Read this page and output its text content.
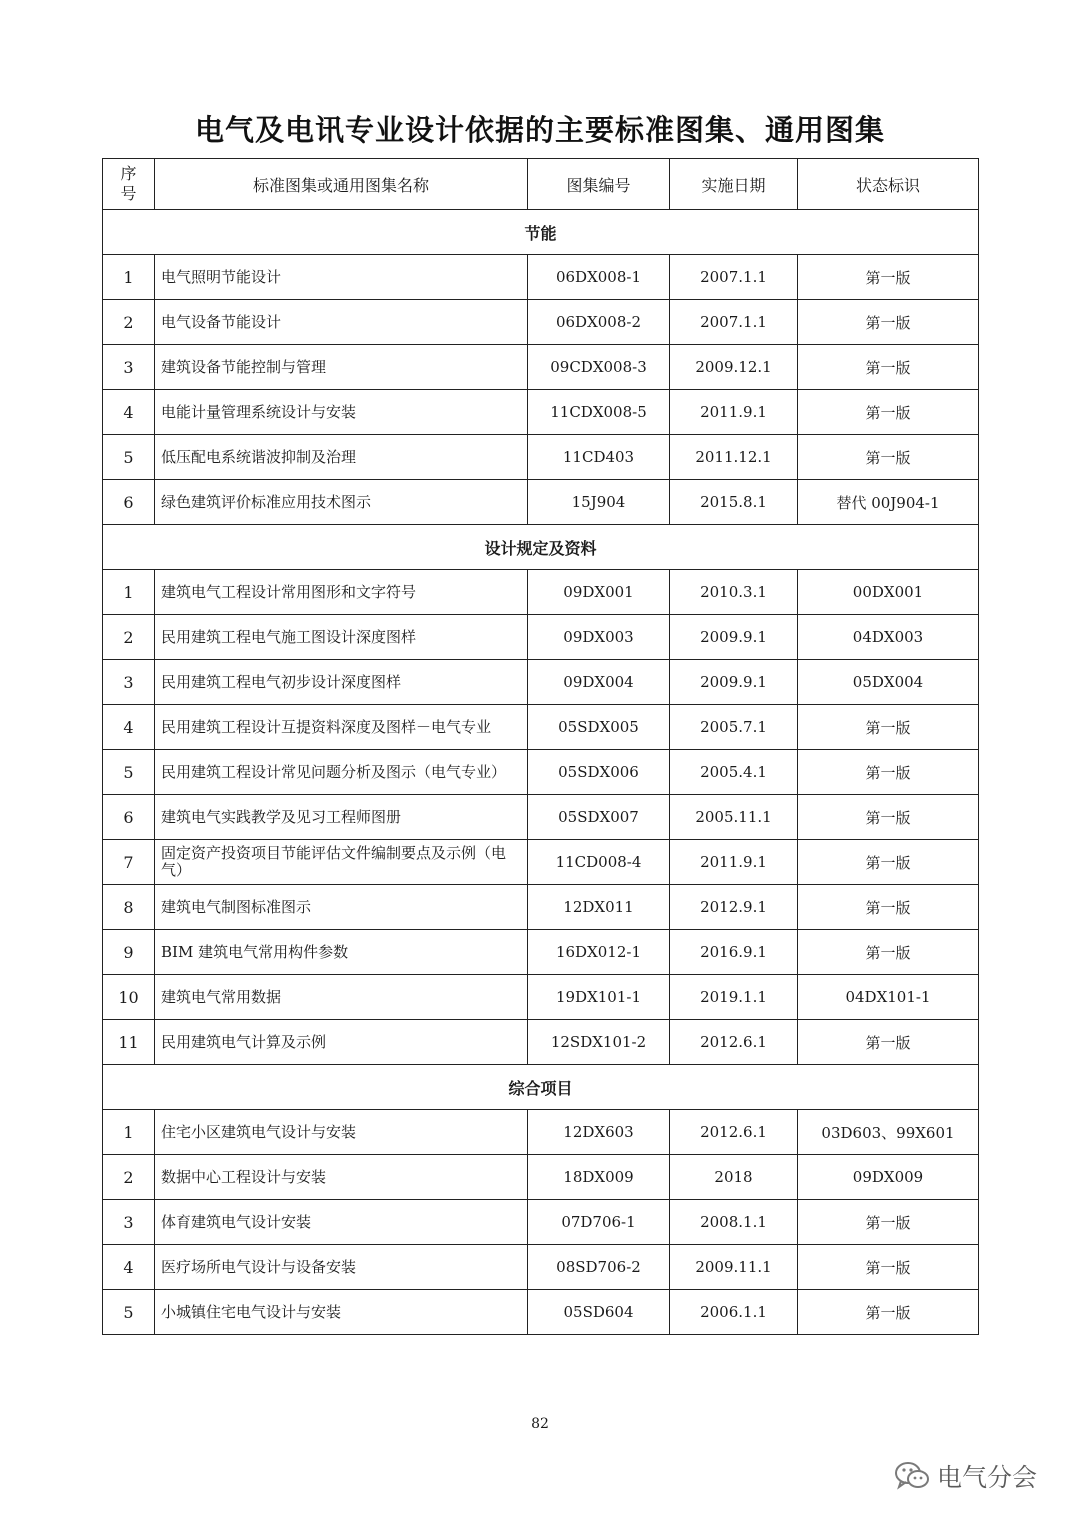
电气及电讯专业设计依据的主要标准图集、通用图集
序号	标准图集或通用图集名称	图集编号	实施日期	状态标识
节能				
1	电气照明节能设计	06DX008-1	2007.1.1	第一版
2	电气设备节能设计	06DX008-2	2007.1.1	第一版
3	建筑设备节能控制与管理	09CDX008-3	2009.12.1	第一版
4	电能计量管理系统设计与安装	11CDX008-5	2011.9.1	第一版
5	低压配电系统谐波抑制及治理	11CD403	2011.12.1	第一版
6	绿色建筑评价标准应用技术图示	15J904	2015.8.1	替代 00J904-1
设计规定及资料				
1	建筑电气工程设计常用图形和文字符号	09DX001	2010.3.1	00DX001
2	民用建筑工程电气施工图设计深度图样	09DX003	2009.9.1	04DX003
3	民用建筑工程电气初步设计深度图样	09DX004	2009.9.1	05DX004
4	民用建筑工程设计互提资料深度及图样－电气专业	05SDX005	2005.7.1	第一版
5	民用建筑工程设计常见问题分析及图示（电气专业）	05SDX006	2005.4.1	第一版
6	建筑电气实践教学及见习工程师图册	05SDX007	2005.11.1	第一版
7	固定资产投资项目节能评估文件编制要点及示例（电气）	11CD008-4	2011.9.1	第一版
8	建筑电气制图标准图示	12DX011	2012.9.1	第一版
9	BIM 建筑电气常用构件参数	16DX012-1	2016.9.1	第一版
10	建筑电气常用数据	19DX101-1	2019.1.1	04DX101-1
11	民用建筑电气计算及示例	12SDX101-2	2012.6.1	第一版
综合项目				
1	住宅小区建筑电气设计与安装	12DX603	2012.6.1	03D603、99X601
2	数据中心工程设计与安装	18DX009	2018	09DX009
3	体育建筑电气设计安装	07D706-1	2008.1.1	第一版
4	医疗场所电气设计与设备安装	08SD706-2	2009.11.1	第一版
5	小城镇住宅电气设计与安装	05SD604	2006.1.1	第一版
82
电气分会
